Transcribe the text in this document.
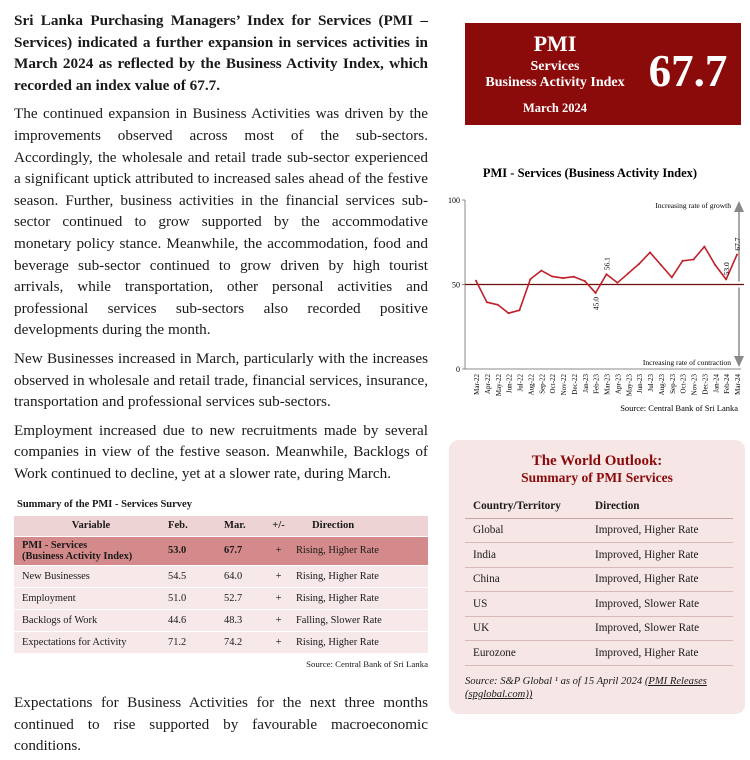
Sri Lanka Purchasing Managers’ Index for Services (PMI – Services) indicated a further expansion in services activities in March 2024 as reflected by the Business Activity Index, which recorded an index value of 67.7.

The continued expansion in Business Activities was driven by the improvements observed across most of the sub-sectors. Accordingly, the wholesale and retail trade sub-sector experienced a significant uptick attributed to increased sales ahead of the festive season. Further, business activities in the financial services sub-sector continued to grow supported by the accommodative monetary policy stance. Meanwhile, the accommodation, food and beverage sub-sector continued to grow driven by high tourist arrivals, while transportation, other personal activities and professional services sub-sectors also recorded positive developments during the month.

New Businesses increased in March, particularly with the increases observed in wholesale and retail trade, financial services, insurance, transportation and professional services sub-sectors.

Employment increased due to new recruitments made by several companies in view of the festive season. Meanwhile, Backlogs of Work continued to decline, yet at a slower rate, during March.

Summary of the PMI - Services Survey
Variable	Feb.	Mar.	+/-	Direction
PMI - Services
(Business Activity Index)	53.0	67.7	+	Rising, Higher Rate
New Businesses	54.5	64.0	+	Rising, Higher Rate
Employment	51.0	52.7	+	Rising, Higher Rate
Backlogs of Work	44.6	48.3	+	Falling, Slower Rate
Expectations for Activity	71.2	74.2	+	Rising, Higher Rate
Source: Central Bank of Sri Lanka

Expectations for Business Activities for the next three months continued to rise supported by favourable macroeconomic conditions.

PMI
Services
Business Activity Index
March 2024
67.7
PMI - Services (Business Activity Index)
0
50
100
Increasing rate of growth
Increasing rate of contraction
45.0
56.1	53.0
67.7
Mar-22 Apr-22 May-22 Jun-22 Jul-22 Aug-22 Sep-22 Oct-22 Nov-22 Dec-22 Jan-23 Feb-23 Mar-23 Apr-23 May-23 Jun-23 Jul-23 Aug-23 Sep-23 Oct-23 Nov-23 Dec-23 Jan-24 Feb-24 Mar-24
Source: Central Bank of Sri Lanka
The World Outlook:
Summary of PMI Services
Country/Territory	Direction
Global	Improved, Higher Rate
India	Improved, Higher Rate
China	Improved, Higher Rate
US	Improved, Slower Rate
UK	Improved, Slower Rate
Eurozone	Improved, Higher Rate
Source: S&P Global ¹ as of 15 April 2024 (PMI Releases (spglobal.com))
